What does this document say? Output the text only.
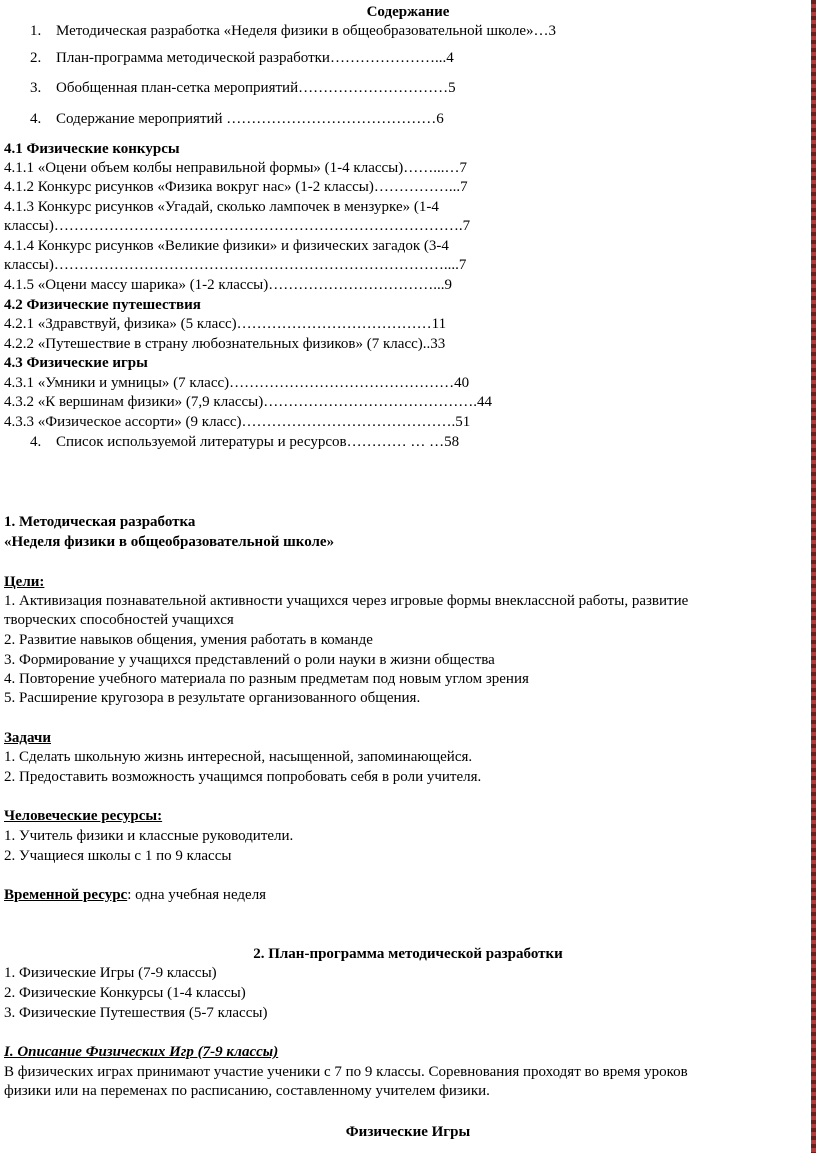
Содержание
1. Методическая разработка «Неделя физики в общеобразовательной школе»…3
2. План-программа методической разработки…………………...4
3. Обобщенная план-сетка мероприятий…………………………5
4. Содержание мероприятий ……………………………………6
4.1 Физические конкурсы
4.1.1 «Оцени объем колбы неправильной формы» (1-4 классы)……...…7
4.1.2 Конкурс рисунков «Физика вокруг нас» (1-2 классы)……………...7
4.1.3 Конкурс рисунков «Угадай, сколько лампочек в мензурке» (1-4
классы)……………………………………………………………………….7
4.1.4 Конкурс рисунков «Великие физики» и физических загадок (3-4
классы)……………………………………………………………………....7
4.1.5 «Оцени массу шарика» (1-2 классы)……………………………...9
4.2 Физические путешествия
4.2.1 «Здравствуй, физика» (5 класс)…………………………………11
4.2.2 «Путешествие в страну любознательных физиков» (7 класс)..33
4.3 Физические игры
4.3.1 «Умники и умницы» (7 класс)………………………………………40
4.3.2 «К вершинам физики» (7,9 классы)…………………………………….44
4.3.3 «Физическое ассорти» (9 класс)…………………………………….51
4. Список используемой литературы и ресурсов………… … …58
1. Методическая разработка
«Неделя физики в общеобразовательной школе»
Цели:
1. Активизация познавательной активности учащихся через игровые формы внеклассной работы, развитие
творческих способностей учащихся
2. Развитие навыков общения, умения работать в команде
3. Формирование у учащихся представлений о роли науки в жизни общества
4. Повторение учебного материала по разным предметам под новым углом зрения
5. Расширение кругозора в результате организованного общения.
Задачи
1. Сделать школьную жизнь интересной, насыщенной, запоминающейся.
2. Предоставить возможность учащимся попробовать себя в роли учителя.
Человеческие ресурсы:
1. Учитель физики и классные руководители.
2. Учащиеся школы с 1 по 9 классы
Временной ресурс: одна учебная неделя
2. План-программа методической разработки
1. Физические Игры (7-9 классы)
2. Физические Конкурсы (1-4 классы)
3. Физические Путешествия (5-7 классы)
I. Описание Физических Игр (7-9 классы)
В физических играх принимают участие ученики с 7 по 9 классы. Соревнования проходят во время уроков
физики или на переменах по расписанию, составленному учителем физики.
Физические Игры
